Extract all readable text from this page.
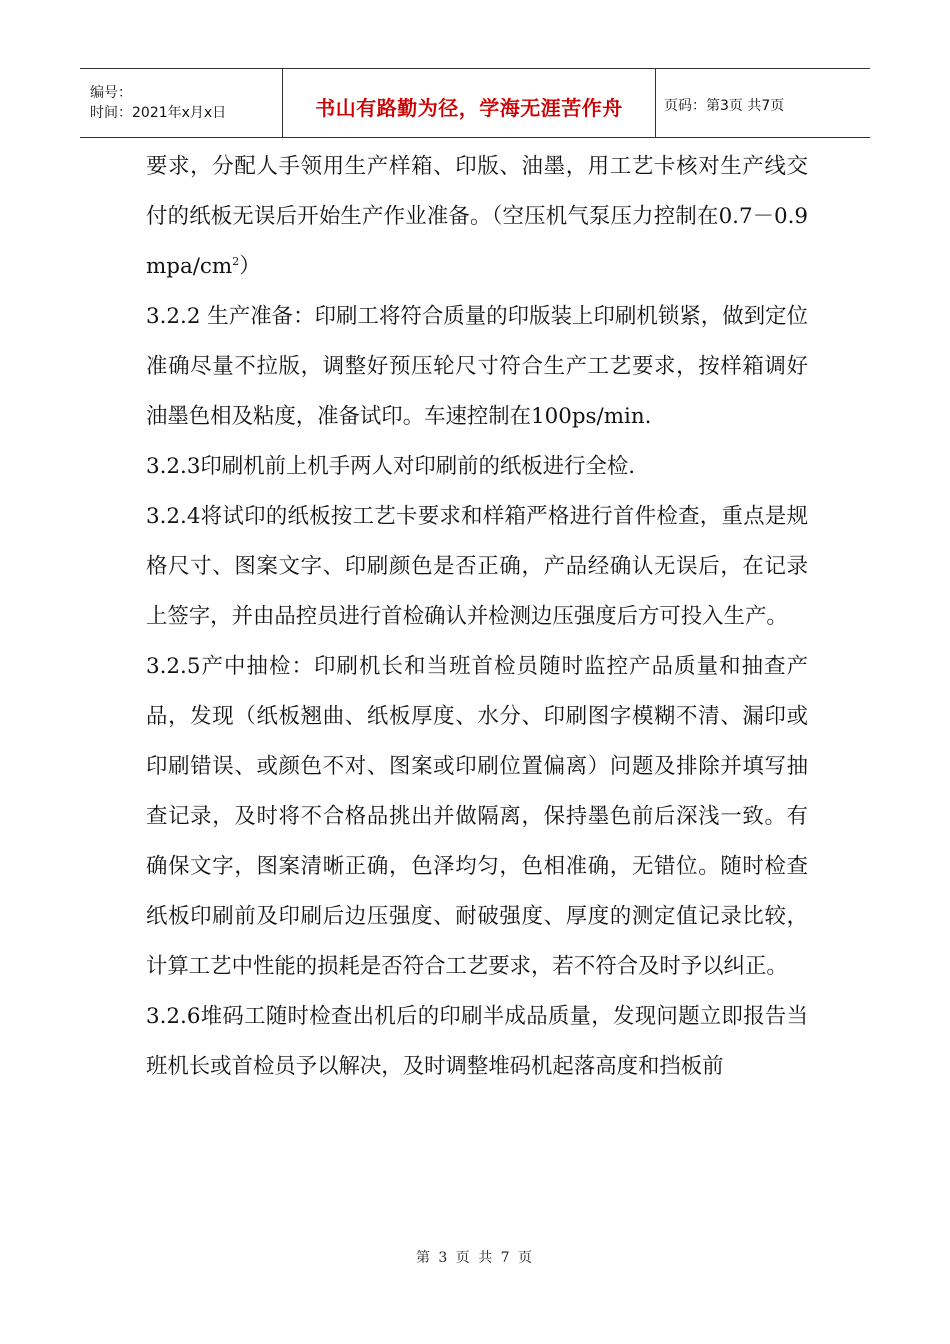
编号：
时间：2021年x月x日	书山有路勤为径，学海无涯苦作舟	页码：第3页 共7页

要求，分配人手领用生产样箱、印版、油墨，用工艺卡核对生产线交付的纸板无误后开始生产作业准备。（空压机气泵压力控制在0.7－0.9 mpa/$cm^2$）

3.2.2 生产准备：印刷工将符合质量的印版装上印刷机锁紧，做到定位准确尽量不拉版，调整好预压轮尺寸符合生产工艺要求，按样箱调好油墨色相及粘度，准备试印。车速控制在100ps/min.

3.2.3印刷机前上机手两人对印刷前的纸板进行全检.

3.2.4将试印的纸板按工艺卡要求和样箱严格进行首件检查，重点是规格尺寸、图案文字、印刷颜色是否正确，产品经确认无误后，在记录上签字，并由品控员进行首检确认并检测边压强度后方可投入生产。

3.2.5产中抽检：印刷机长和当班首检员随时监控产品质量和抽查产品，发现（纸板翘曲、纸板厚度、水分、印刷图字模糊不清、漏印或印刷错误、或颜色不对、图案或印刷位置偏离）问题及排除并填写抽查记录，及时将不合格品挑出并做隔离，保持墨色前后深浅一致。有确保文字，图案清晰正确，色泽均匀，色相准确，无错位。随时检查纸板印刷前及印刷后边压强度、耐破强度、厚度的测定值记录比较，计算工艺中性能的损耗是否符合工艺要求，若不符合及时予以纠正。

3.2.6堆码工随时检查出机后的印刷半成品质量，发现问题立即报告当班机长或首检员予以解决，及时调整堆码机起落高度和挡板前

第 3 页 共 7 页
